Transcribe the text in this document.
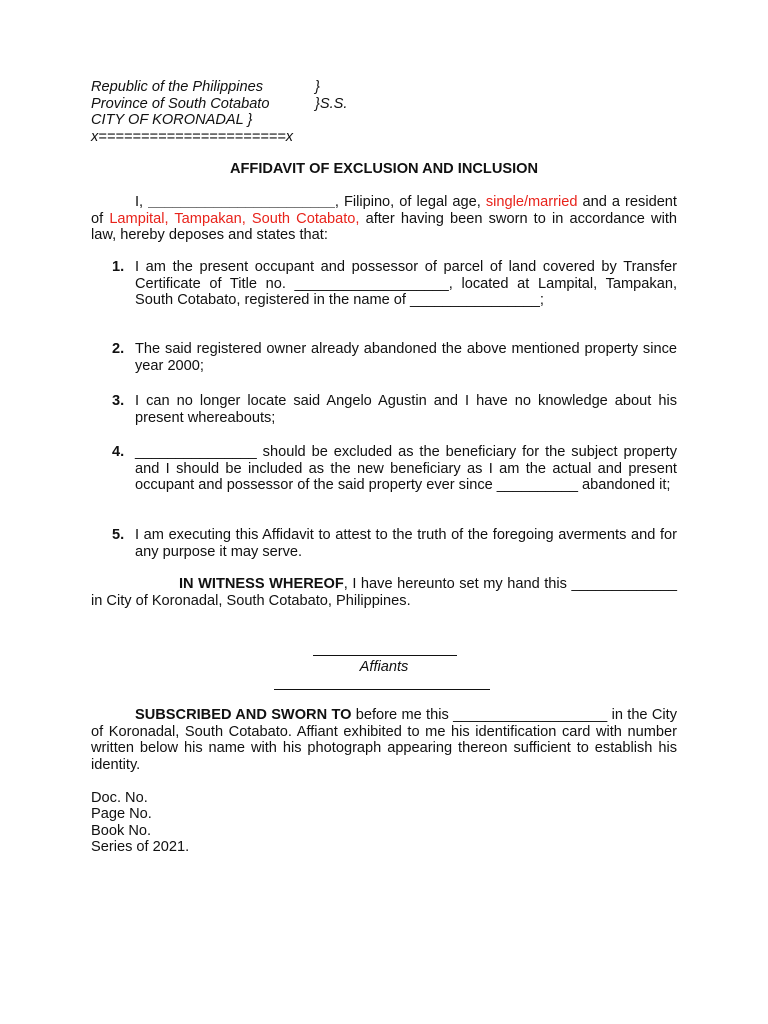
Republic of the Philippines	}
Province of South Cotabato	}S.S.
CITY OF KORONADAL }
x======================x
AFFIDAVIT OF EXCLUSION AND INCLUSION
I, _______________________, Filipino, of legal age, single/married and a resident of Lampital, Tampakan, South Cotabato, after having been sworn to in accordance with law, hereby deposes and states that:
1. I am the present occupant and possessor of parcel of land covered by Transfer Certificate of Title no. ___________________, located at Lampital, Tampakan, South Cotabato, registered in the name of ________________;
2. The said registered owner already abandoned the above mentioned property since year 2000;
3. I can no longer locate said Angelo Agustin and I have no knowledge about his present whereabouts;
4. _______________ should be excluded as the beneficiary for the subject property and I should be included as the new beneficiary as I am the actual and present occupant and possessor of the said property ever since __________ abandoned it;
5. I am executing this Affidavit to attest to the truth of the foregoing averments and for any purpose it may serve.
IN WITNESS WHEREOF, I have hereunto set my hand this _____________ in City of Koronadal, South Cotabato, Philippines.
Affiants
SUBSCRIBED AND SWORN TO before me this ___________________ in the City of Koronadal, South Cotabato. Affiant exhibited to me his identification card with number written below his name with his photograph appearing thereon sufficient to establish his identity.
Doc. No.
Page No.
Book No.
Series of 2021.
